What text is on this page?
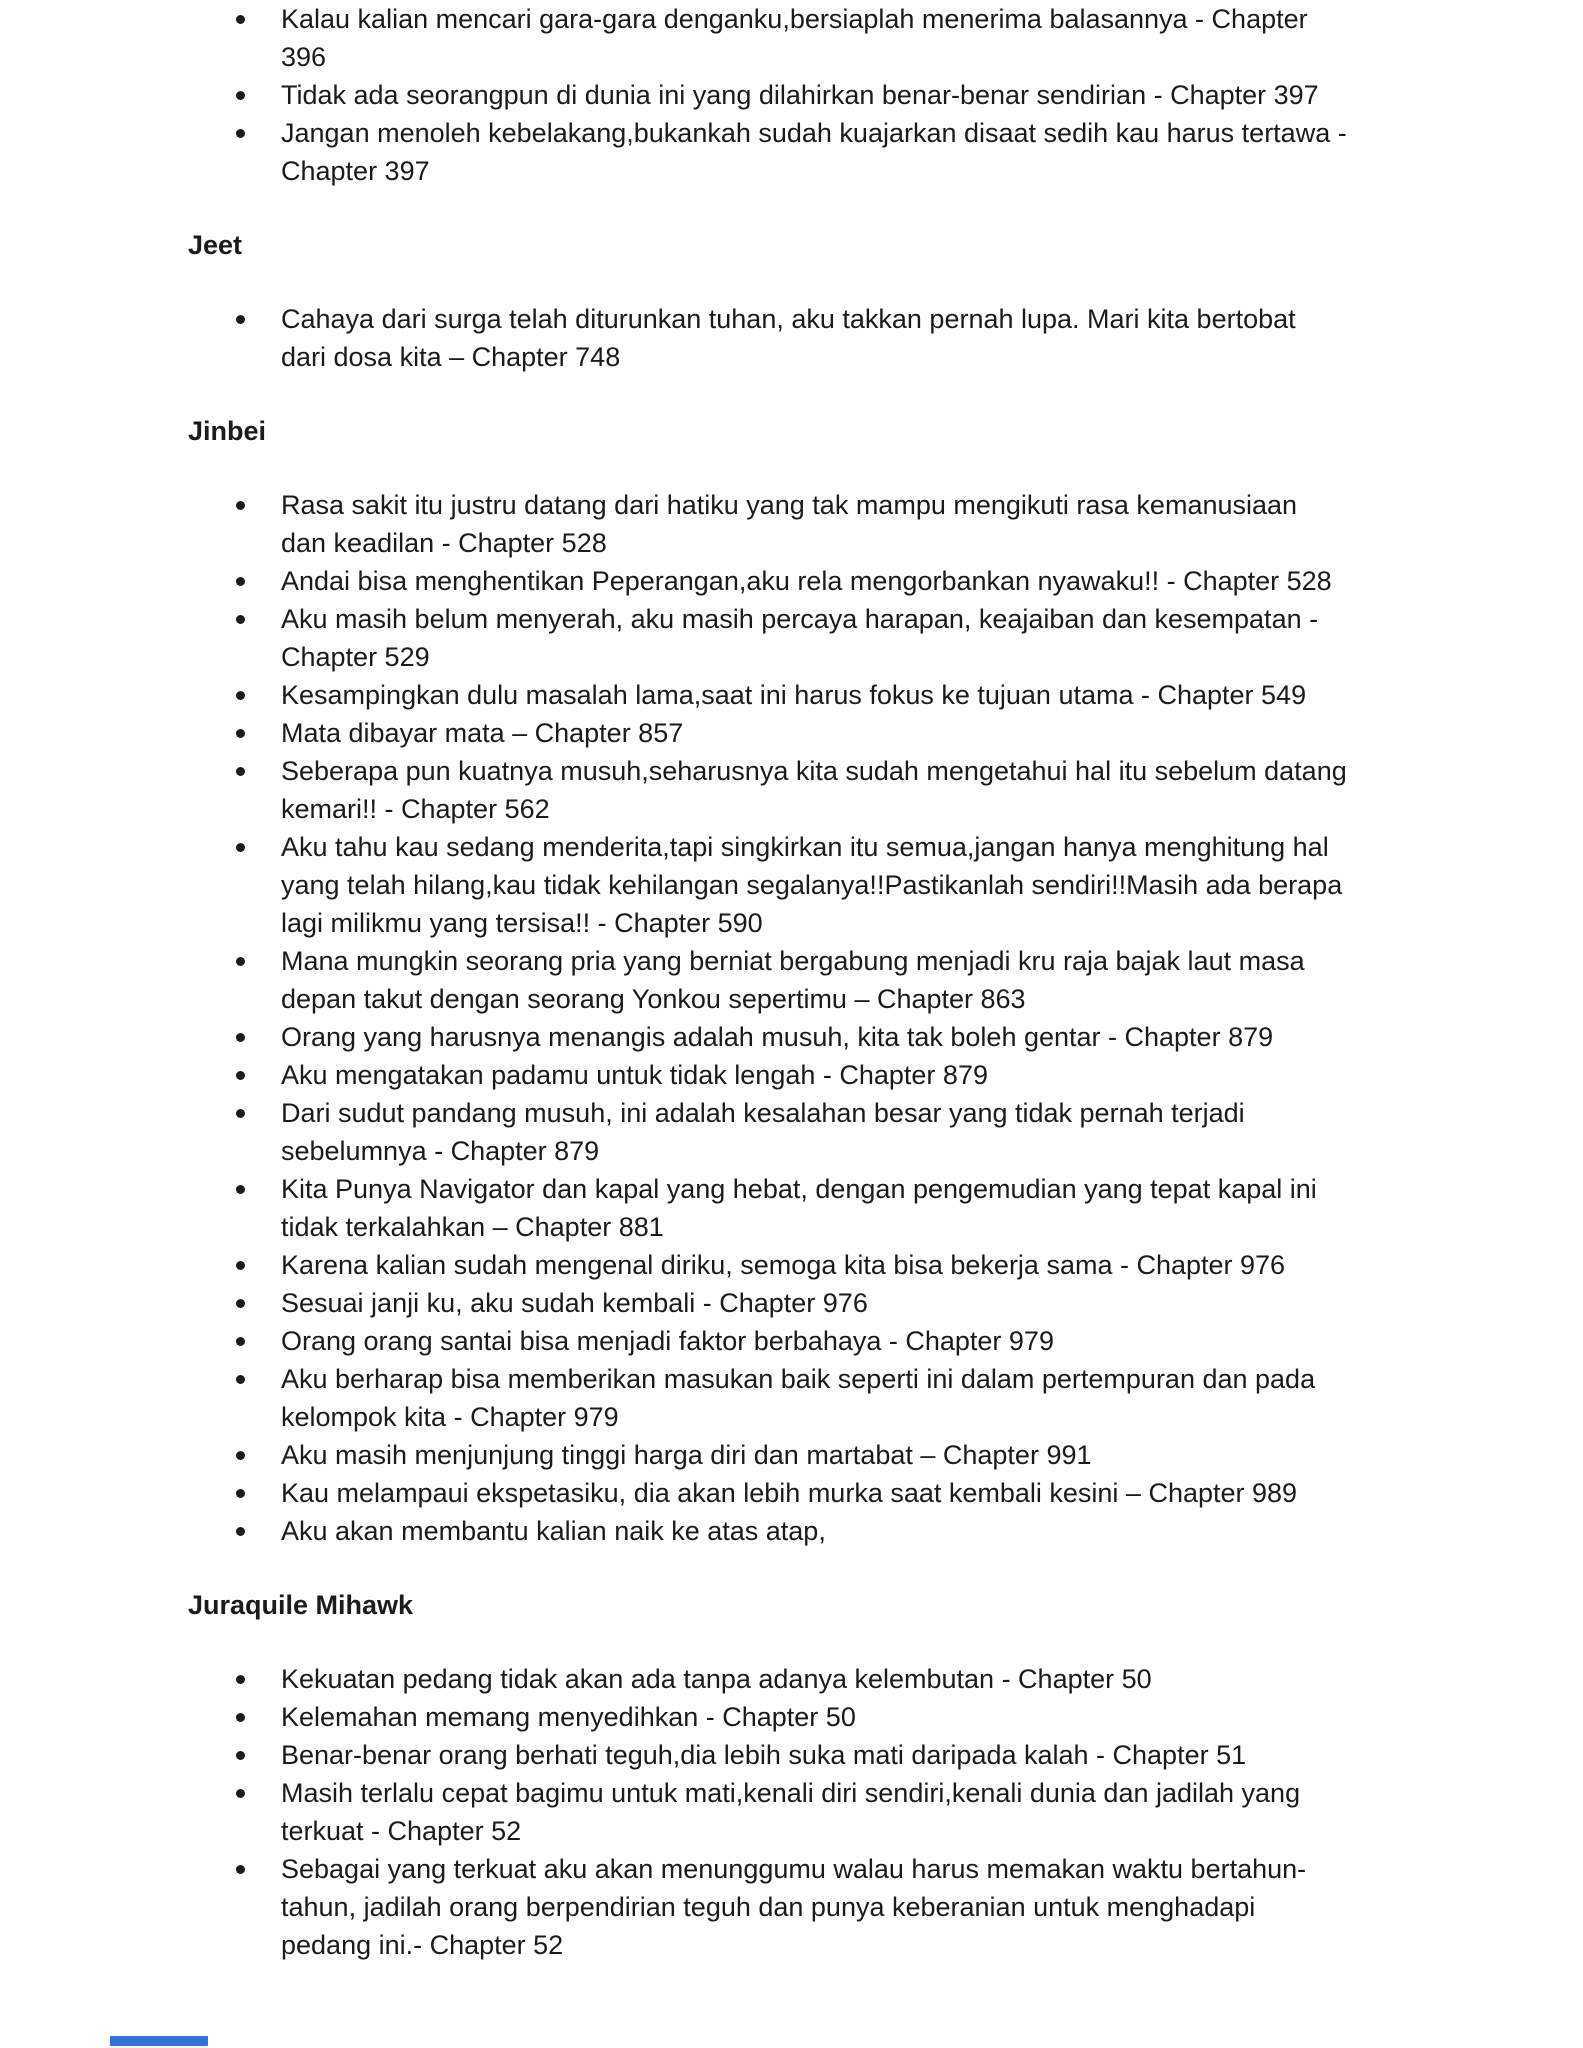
Kalau kalian mencari gara-gara denganku,bersiaplah menerima balasannya - Chapter 396
Tidak ada seorangpun di dunia ini yang dilahirkan benar-benar sendirian - Chapter 397
Jangan menoleh kebelakang,bukankah sudah kuajarkan disaat sedih kau harus tertawa - Chapter 397
Jeet
Cahaya dari surga telah diturunkan tuhan, aku takkan pernah lupa. Mari kita bertobat dari dosa kita – Chapter 748
Jinbei
Rasa sakit itu justru datang dari hatiku yang tak mampu mengikuti rasa kemanusiaan dan keadilan - Chapter 528
Andai bisa menghentikan Peperangan,aku rela mengorbankan nyawaku!! - Chapter 528
Aku masih belum menyerah, aku masih percaya harapan, keajaiban dan kesempatan - Chapter 529
Kesampingkan dulu masalah lama,saat ini harus fokus ke tujuan utama - Chapter 549
Mata dibayar mata – Chapter 857
Seberapa pun kuatnya musuh,seharusnya kita sudah mengetahui hal itu sebelum datang kemari!! - Chapter 562
Aku tahu kau sedang menderita,tapi singkirkan itu semua,jangan hanya menghitung hal yang telah hilang,kau tidak kehilangan segalanya!!Pastikanlah sendiri!!Masih ada berapa lagi milikmu yang tersisa!! - Chapter 590
Mana mungkin seorang pria yang berniat bergabung menjadi kru raja bajak laut masa depan takut dengan seorang Yonkou sepertimu – Chapter 863
Orang yang harusnya menangis adalah musuh, kita tak boleh gentar - Chapter 879
Aku mengatakan padamu untuk tidak lengah - Chapter 879
Dari sudut pandang musuh, ini adalah kesalahan besar yang tidak pernah terjadi sebelumnya - Chapter 879
Kita Punya Navigator dan kapal yang hebat, dengan pengemudian yang tepat kapal ini tidak terkalahkan – Chapter 881
Karena kalian sudah mengenal diriku, semoga kita bisa bekerja sama - Chapter 976
Sesuai janji ku, aku sudah kembali - Chapter 976
Orang orang santai bisa menjadi faktor berbahaya - Chapter 979
Aku berharap bisa memberikan masukan baik seperti ini dalam pertempuran dan pada kelompok kita - Chapter 979
Aku masih menjunjung tinggi harga diri dan martabat – Chapter 991
Kau melampaui ekspetasiku, dia akan lebih murka saat kembali kesini – Chapter 989
Aku akan membantu kalian naik ke atas atap,
Juraquile Mihawk
Kekuatan pedang tidak akan ada tanpa adanya kelembutan - Chapter 50
Kelemahan memang menyedihkan - Chapter 50
Benar-benar orang berhati teguh,dia lebih suka mati daripada kalah - Chapter 51
Masih terlalu cepat bagimu untuk mati,kenali diri sendiri,kenali dunia dan jadilah yang terkuat - Chapter 52
Sebagai yang terkuat aku akan menunggumu walau harus memakan waktu bertahun-tahun, jadilah orang berpendirian teguh dan punya keberanian untuk menghadapi pedang ini.- Chapter 52
